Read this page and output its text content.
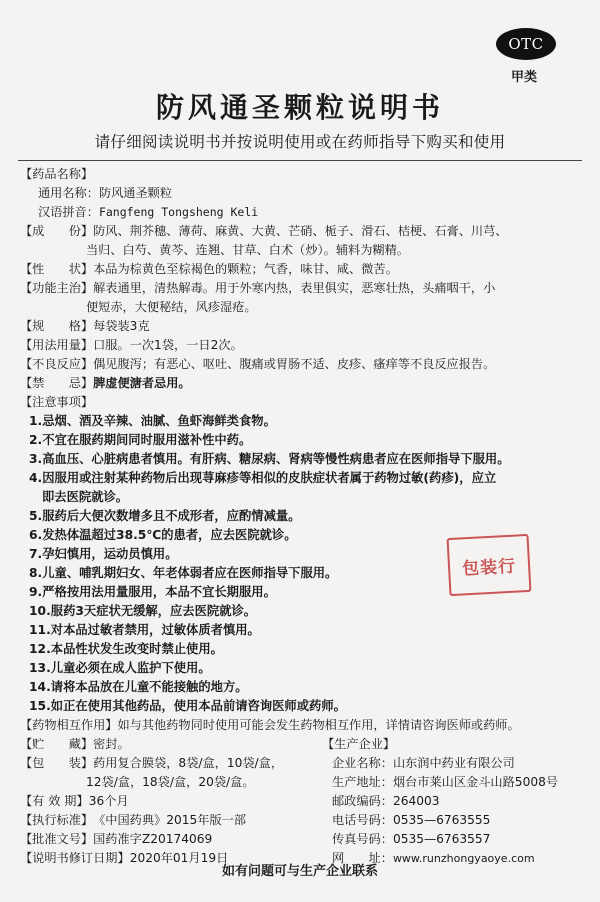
OTC
甲类
防风通圣颗粒说明书
请仔细阅读说明书并按说明使用或在药师指导下购买和使用
【药品名称】
通用名称：防风通圣颗粒
汉语拼音：Fangfeng Tongsheng Keli
【成　　份】防风、荆芥穗、薄荷、麻黄、大黄、芒硝、栀子、滑石、桔梗、石膏、川芎、
当归、白芍、黄芩、连翘、甘草、白术（炒）。辅料为糊精。
【性　　状】本品为棕黄色至棕褐色的颗粒；气香，味甘、咸、微苦。
【功能主治】解表通里，清热解毒。用于外寒内热，表里俱实，恶寒壮热，头痛咽干，小
便短赤，大便秘结，风疹湿疮。
【规　　格】每袋装3克
【用法用量】口服。一次1袋，一日2次。
【不良反应】偶见腹泻；有恶心、呕吐、腹痛或胃肠不适、皮疹、瘙痒等不良反应报告。
【禁　　忌】脾虚便溏者忌用。
【注意事项】
1.忌烟、酒及辛辣、油腻、鱼虾海鲜类食物。
2.不宜在服药期间同时服用滋补性中药。
3.高血压、心脏病患者慎用。有肝病、糖尿病、肾病等慢性病患者应在医师指导下服用。
4.因服用或注射某种药物后出现荨麻疹等相似的皮肤症状者属于药物过敏(药疹)，应立
即去医院就诊。
5.服药后大便次数增多且不成形者，应酌情减量。
6.发热体温超过38.5℃的患者，应去医院就诊。
7.孕妇慎用，运动员慎用。
8.儿童、哺乳期妇女、年老体弱者应在医师指导下服用。
9.严格按用法用量服用，本品不宜长期服用。
10.服药3天症状无缓解，应去医院就诊。
11.对本品过敏者禁用，过敏体质者慎用。
12.本品性状发生改变时禁止使用。
13.儿童必须在成人监护下使用。
14.请将本品放在儿童不能接触的地方。
15.如正在使用其他药品，使用本品前请咨询医师或药师。
包装行
【药物相互作用】如与其他药物同时使用可能会发生药物相互作用，详情请咨询医师或药师。
【贮　　藏】密封。
【包　　装】药用复合膜袋，8袋/盒，10袋/盒，
12袋/盒，18袋/盒，20袋/盒。
【有 效 期】36个月
【执行标准】《中国药典》2015年版一部
【批准文号】国药准字Z20174069
【说明书修订日期】2020年01月19日
【生产企业】
企业名称：山东润中药业有限公司
生产地址：烟台市莱山区金斗山路5008号
邮政编码：264003
电话号码：0535—6763555
传真号码：0535—6763557
网　　址：www.runzhongyaoye.com
如有问题可与生产企业联系
